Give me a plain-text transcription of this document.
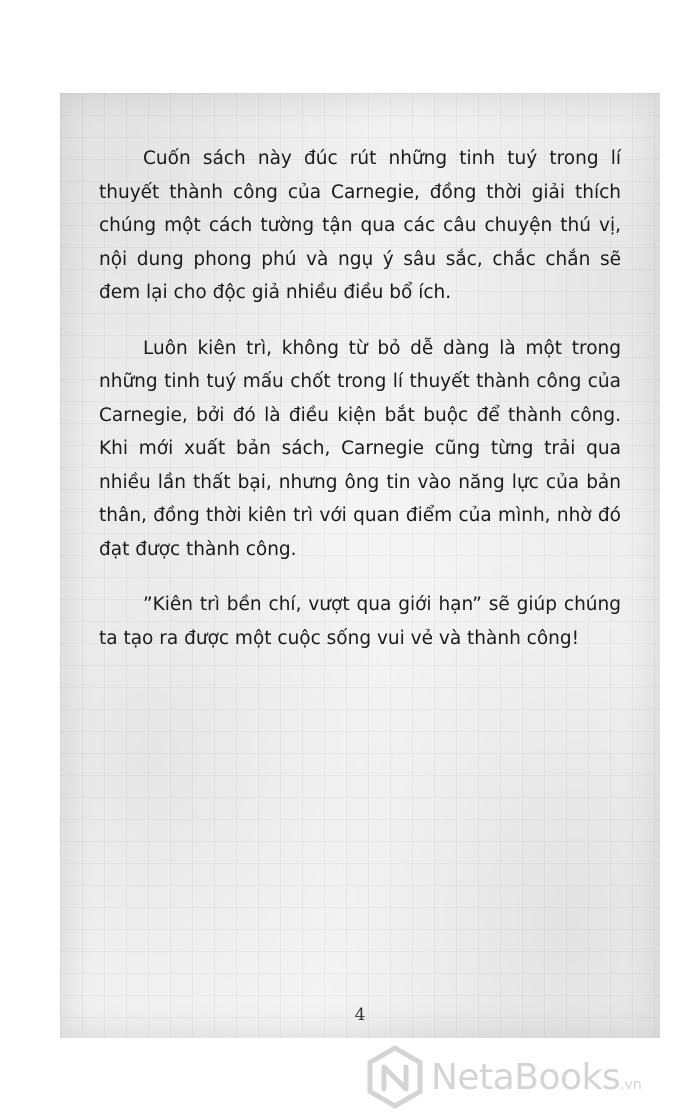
Cuốn sách này đúc rút những tinh tuý trong lí thuyết thành công của Carnegie, đồng thời giải thích chúng một cách tường tận qua các câu chuyện thú vị, nội dung phong phú và ngụ ý sâu sắc, chắc chắn sẽ đem lại cho độc giả nhiều điều bổ ích.

Luôn kiên trì, không từ bỏ dễ dàng là một trong những tinh tuý mấu chốt trong lí thuyết thành công của Carnegie, bởi đó là điều kiện bắt buộc để thành công. Khi mới xuất bản sách, Carnegie cũng từng trải qua nhiều lần thất bại, nhưng ông tin vào năng lực của bản thân, đồng thời kiên trì với quan điểm của mình, nhờ đó đạt được thành công.

”Kiên trì bền chí, vượt qua giới hạn” sẽ giúp chúng ta tạo ra được một cuộc sống vui vẻ và thành công!

4
NetaBooks.vn
